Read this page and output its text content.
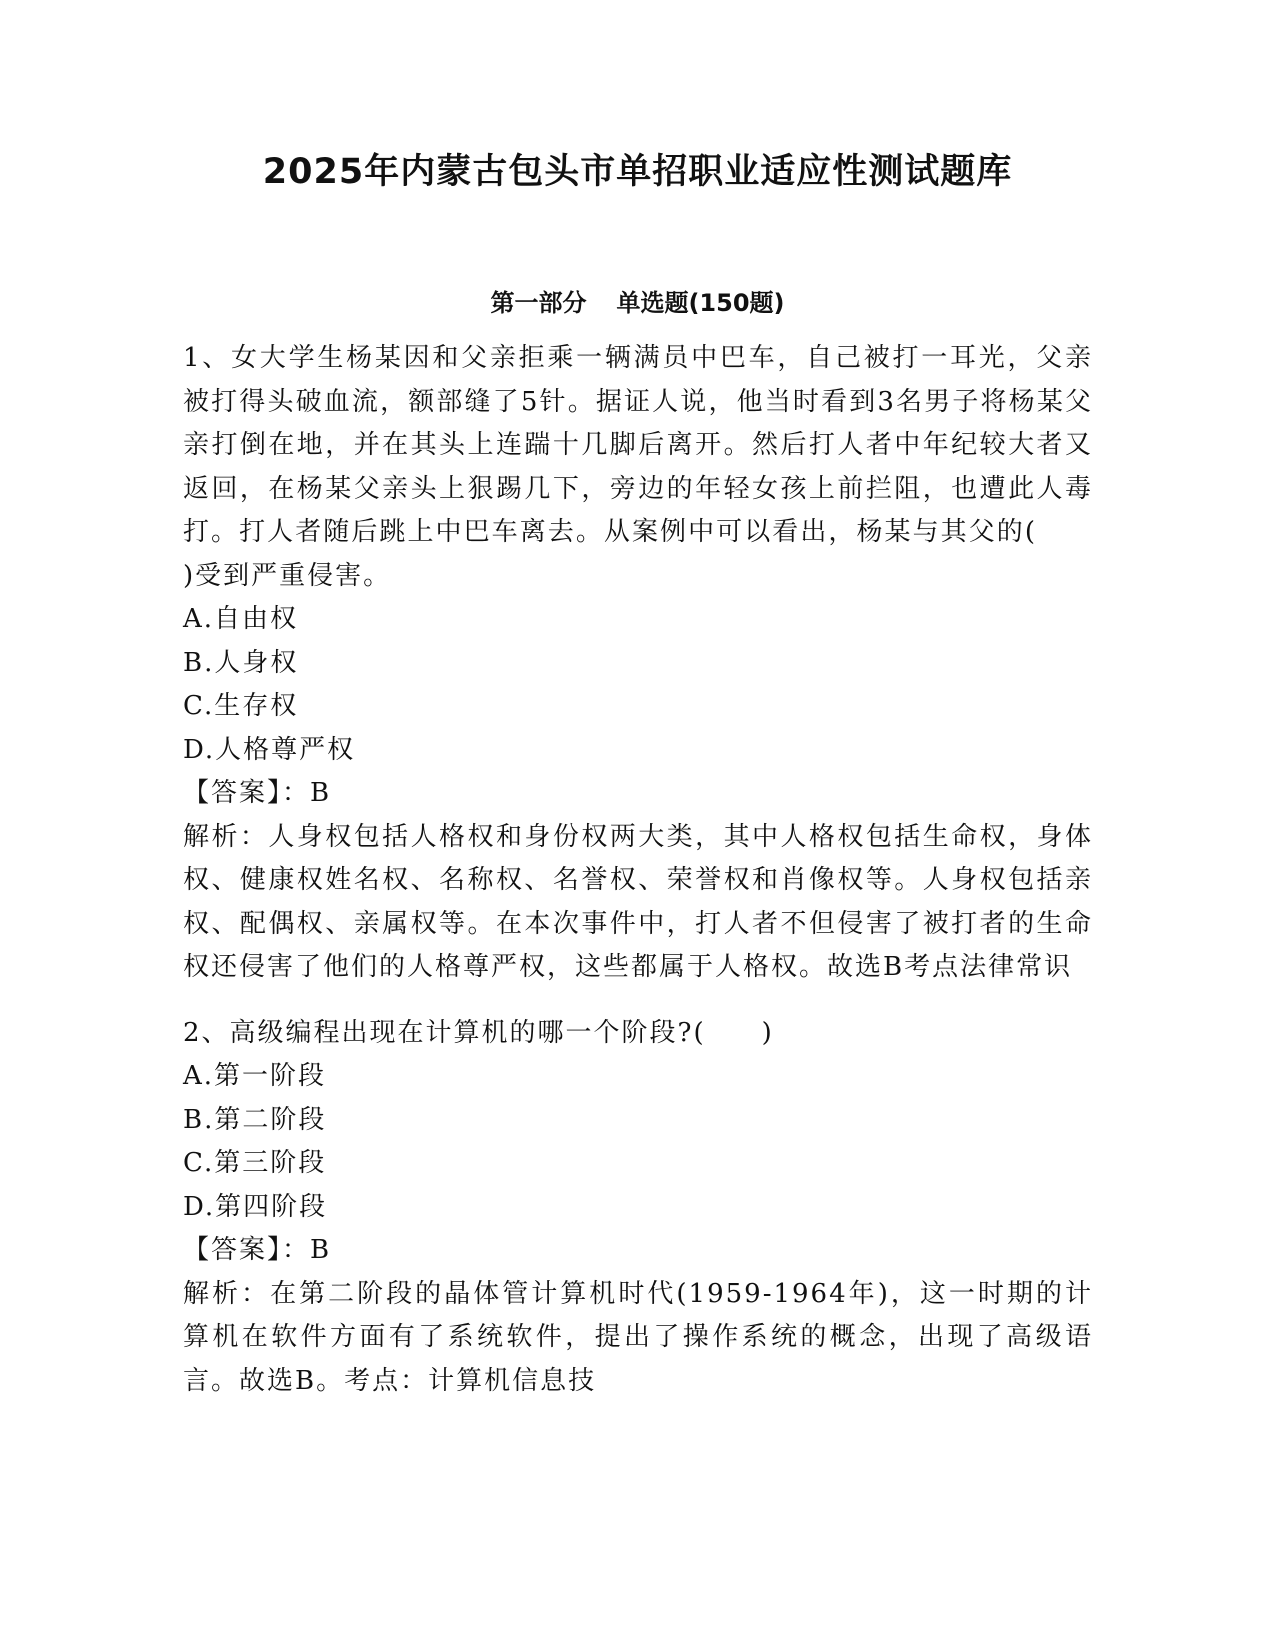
2025年内蒙古包头市单招职业适应性测试题库
第一部分 单选题(150题)

1、女大学生杨某因和父亲拒乘一辆满员中巴车，自己被打一耳光，父亲被打得头破血流，额部缝了5针。据证人说，他当时看到3名男子将杨某父亲打倒在地，并在其头上连踹十几脚后离开。然后打人者中年纪较大者又返回，在杨某父亲头上狠踢几下，旁边的年轻女孩上前拦阻，也遭此人毒打。打人者随后跳上中巴车离去。从案例中可以看出，杨某与其父的()受到严重侵害。

A.自由权
B.人身权
C.生存权
D.人格尊严权
【答案】：B

解析：人身权包括人格权和身份权两大类，其中人格权包括生命权，身体权、健康权姓名权、名称权、名誉权、荣誉权和肖像权等。人身权包括亲权、配偶权、亲属权等。在本次事件中，打人者不但侵害了被打者的生命权还侵害了他们的人格尊严权，这些都属于人格权。故选B考点法律常识

2、高级编程出现在计算机的哪一个阶段?( )

A.第一阶段
B.第二阶段
C.第三阶段
D.第四阶段
【答案】：B

解析：在第二阶段的晶体管计算机时代(1959-1964年)，这一时期的计算机在软件方面有了系统软件，提出了操作系统的概念，出现了高级语言。故选B。考点：计算机信息技
